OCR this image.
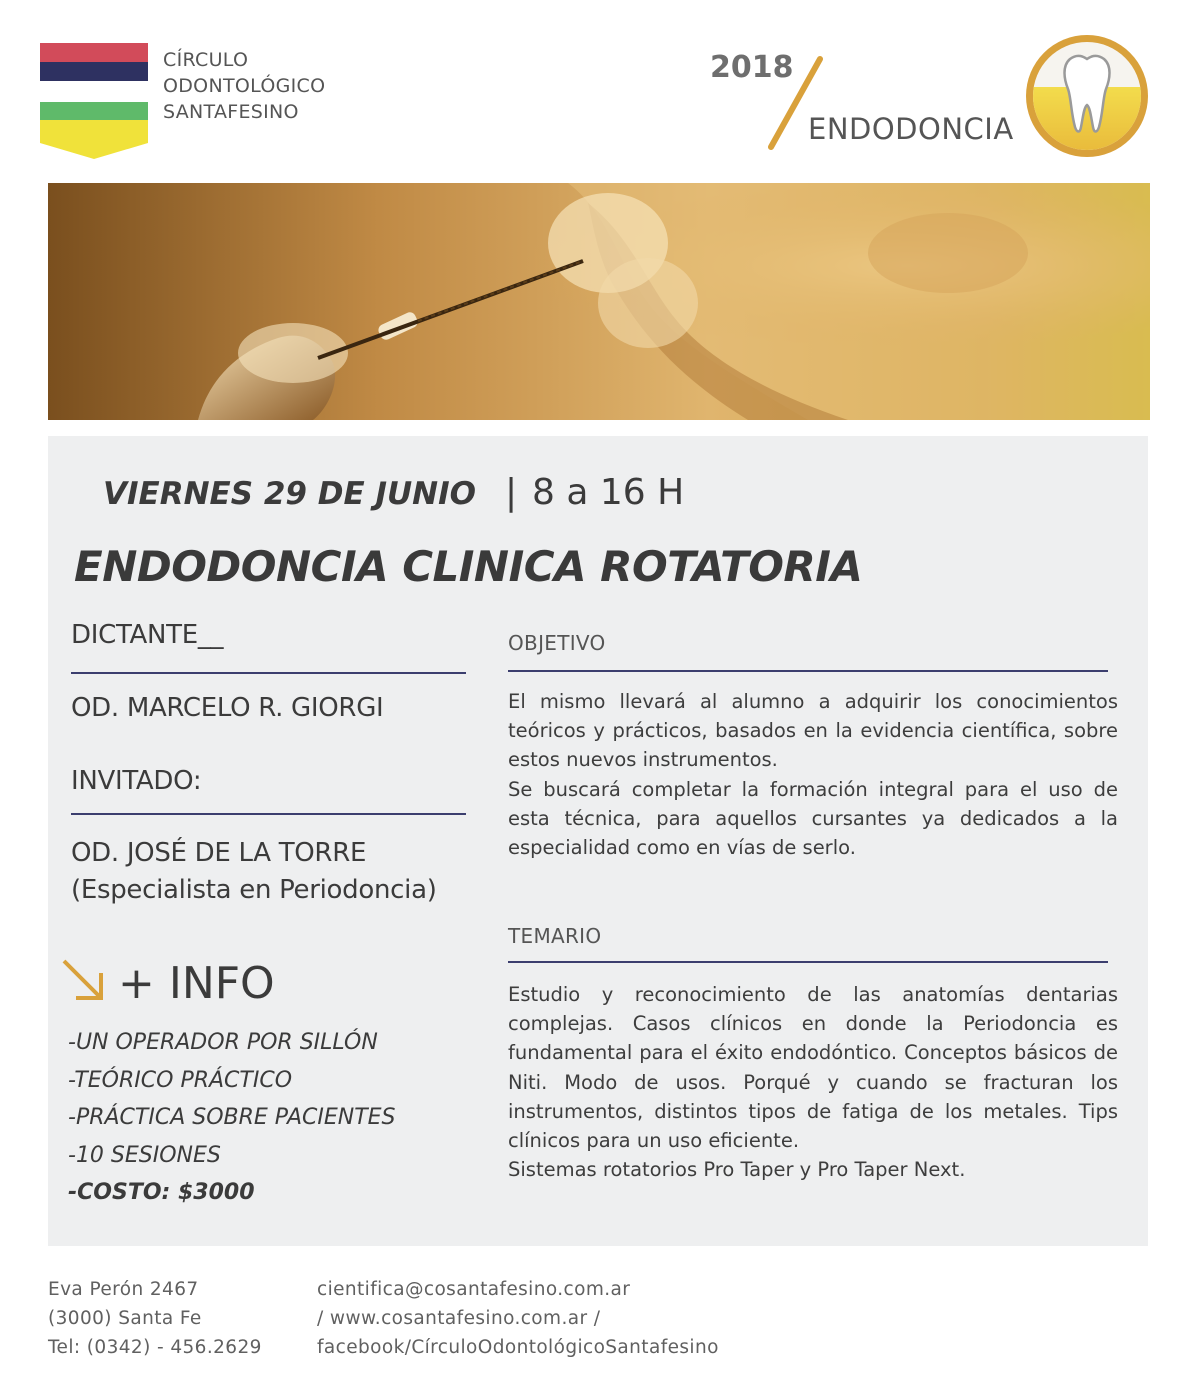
CÍRCULO
ODONTOLÓGICO
SANTAFESINO
2018
ENDODONCIA
VIERNES 29 DE JUNIO | 8 a 16 H
ENDODONCIA CLINICA ROTATORIA
DICTANTE__
OD. MARCELO R. GIORGI
INVITADO:
OD. JOSÉ DE LA TORRE
(Especialista en Periodoncia)
+ INFO
-UN OPERADOR POR SILLÓN
-TEÓRICO PRÁCTICO
-PRÁCTICA SOBRE PACIENTES
-10 SESIONES
-COSTO: $3000
OBJETIVO
El mismo llevará al alumno a adquirir los conocimientos teóricos y prácticos, basados en la evidencia científica, sobre estos nuevos instrumentos.
Se buscará completar la formación integral para el uso de esta técnica, para aquellos cursantes ya dedicados a la especialidad como en vías de serlo.
TEMARIO
Estudio y reconocimiento de las anatomías dentarias complejas. Casos clínicos en donde la Periodoncia es fundamental para el éxito endodóntico. Conceptos básicos de Niti. Modo de usos. Porqué y cuando se fracturan los instrumentos, distintos tipos de fatiga de los metales. Tips clínicos para un uso eficiente.
Sistemas rotatorios Pro Taper y Pro Taper Next.
Eva Perón 2467
(3000) Santa Fe
Tel: (0342) - 456.2629
cientifica@cosantafesino.com.ar
/ www.cosantafesino.com.ar /
facebook/CírculoOdontológicoSantafesino
